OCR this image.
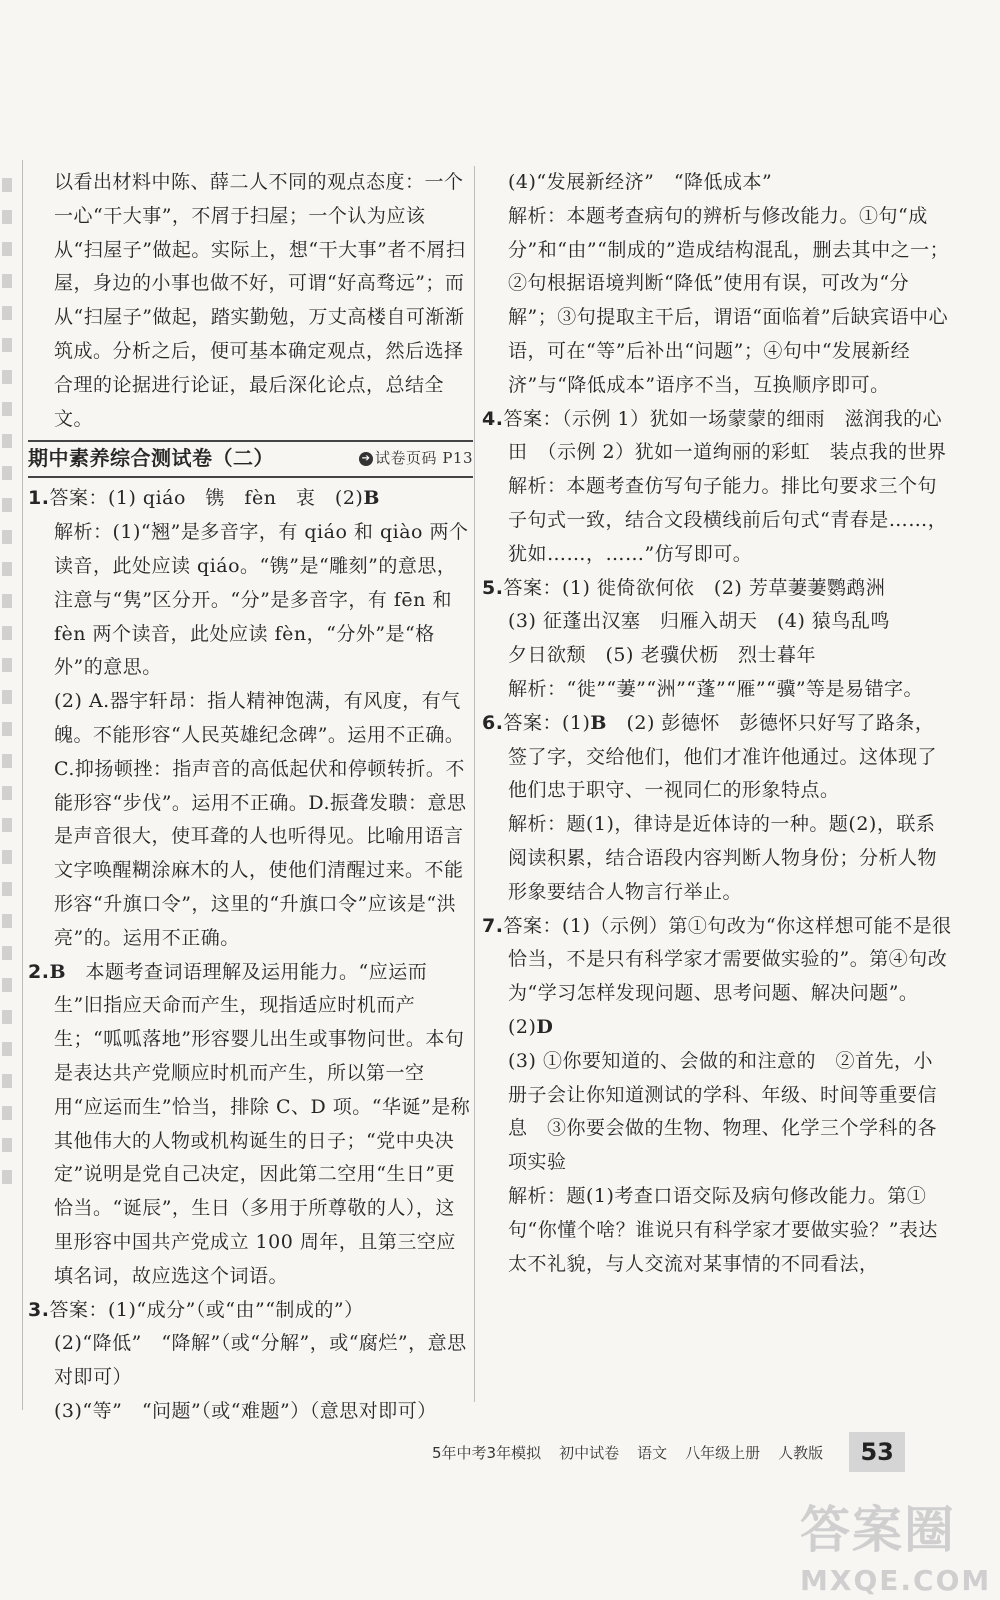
以看出材料中陈、薛二人不同的观点态度：一个一心“干大事”，不屑于扫屋；一个认为应该从“扫屋子”做起。实际上，想“干大事”者不屑扫屋，身边的小事也做不好，可谓“好高骛远”；而从“扫屋子”做起，踏实勤勉，万丈高楼自可渐渐筑成。分析之后，便可基本确定观点，然后选择合理的论据进行论证，最后深化论点，总结全文。

期中素养综合测试卷（二）	➔ 试卷页码 P13
1.答案：(1) qiáo　镌　fèn　衷　(2)B

解析：(1)“翘”是多音字，有 qiáo 和 qiào 两个读音，此处应读 qiáo。“镌”是“雕刻”的意思，注意与“隽”区分开。“分”是多音字，有 fēn 和 fèn 两个读音，此处应读 fèn，“分外”是“格外”的意思。

(2) A.器宇轩昂：指人精神饱满，有风度，有气魄。不能形容“人民英雄纪念碑”。运用不正确。C.抑扬顿挫：指声音的高低起伏和停顿转折。不能形容“步伐”。运用不正确。D.振聋发聩：意思是声音很大，使耳聋的人也听得见。比喻用语言文字唤醒糊涂麻木的人，使他们清醒过来。不能形容“升旗口令”，这里的“升旗口令”应该是“洪亮”的。运用不正确。

2.B　本题考查词语理解及运用能力。“应运而生”旧指应天命而产生，现指适应时机而产生；“呱呱落地”形容婴儿出生或事物问世。本句是表达共产党顺应时机而产生，所以第一空用“应运而生”恰当，排除 C、D 项。“华诞”是称其他伟大的人物或机构诞生的日子；“党中央决定”说明是党自己决定，因此第二空用“生日”更恰当。“诞辰”，生日（多用于所尊敬的人），这里形容中国共产党成立 100 周年，且第三空应填名词，故应选这个词语。
3.答案：(1)“成分”（或“由”“制成的”）

(2)“降低”　“降解”（或“分解”，或“腐烂”，意思对即可）

(3)“等”　“问题”（或“难题”）（意思对即可）

(4)“发展新经济”　“降低成本”

解析：本题考查病句的辨析与修改能力。①句“成分”和“由”“制成的”造成结构混乱，删去其中之一；②句根据语境判断“降低”使用有误，可改为“分解”；③句提取主干后，谓语“面临着”后缺宾语中心语，可在“等”后补出“问题”；④句中“发展新经济”与“降低成本”语序不当，互换顺序即可。

4.答案：（示例 1）犹如一场蒙蒙的细雨　滋润我的心田　（示例 2）犹如一道绚丽的彩虹　装点我的世界

解析：本题考查仿写句子能力。排比句要求三个句子句式一致，结合文段横线前后句式“青春是……，犹如……，……”仿写即可。

5.答案：(1) 徙倚欲何依　(2) 芳草萋萋鹦鹉洲

(3) 征蓬出汉塞　归雁入胡天　(4) 猿鸟乱鸣

夕日欲颓　(5) 老骥伏枥　烈士暮年

解析：“徙”“萋”“洲”“蓬”“雁”“骥”等是易错字。

6.答案：(1)B　(2) 彭德怀　彭德怀只好写了路条，签了字，交给他们，他们才准许他通过。这体现了他们忠于职守、一视同仁的形象特点。

解析：题(1)，律诗是近体诗的一种。题(2)，联系阅读积累，结合语段内容判断人物身份；分析人物形象要结合人物言行举止。

7.答案：(1)（示例）第①句改为“你这样想可能不是很恰当，不是只有科学家才需要做实验的”。第④句改为“学习怎样发现问题、思考问题、解决问题”。

(2)D

(3) ①你要知道的、会做的和注意的　②首先，小册子会让你知道测试的学科、年级、时间等重要信息　③你要会做的生物、物理、化学三个学科的各项实验

解析：题(1)考查口语交际及病句修改能力。第①句“你懂个啥？谁说只有科学家才要做实验？”表达太不礼貌，与人交流对某事情的不同看法，

5年中考3年模拟 初中试卷 语文 八年级上册 人教版	53
答案圈
MXQE.COM
